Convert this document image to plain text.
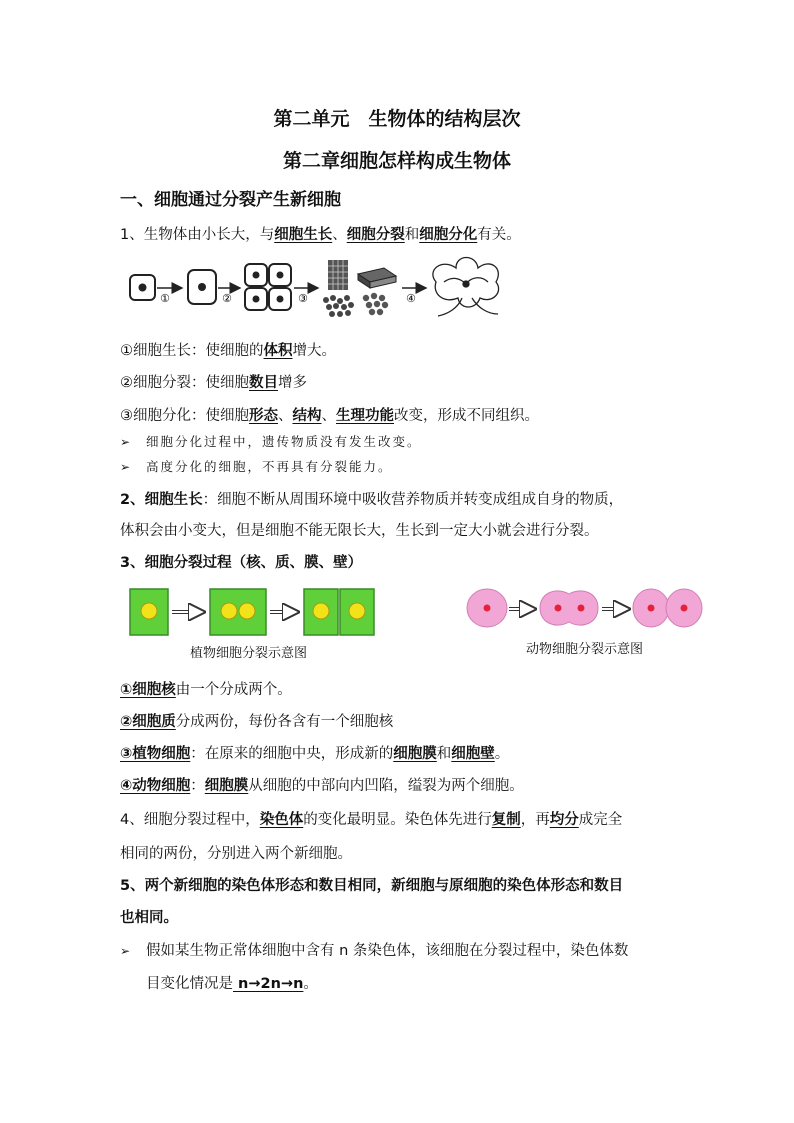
第二单元　生物体的结构层次
第二章细胞怎样构成生物体
一、细胞通过分裂产生新细胞
1、生物体由小长大，与细胞生长、细胞分裂和细胞分化有关。
①	②	③	④
①细胞生长：使细胞的体积增大。
②细胞分裂：使细胞数目增多
③细胞分化：使细胞形态、结构、生理功能改变，形成不同组织。
➢ 细胞分化过程中，遗传物质没有发生改变。
➢ 高度分化的细胞，不再具有分裂能力。
2、细胞生长：细胞不断从周围环境中吸收营养物质并转变成组成自身的物质，
体积会由小变大，但是细胞不能无限长大，生长到一定大小就会进行分裂。
3、细胞分裂过程（核、质、膜、壁）
植物细胞分裂示意图	动物细胞分裂示意图
①细胞核由一个分成两个。
②细胞质分成两份，每份各含有一个细胞核
③植物细胞：在原来的细胞中央，形成新的细胞膜和细胞壁。
④动物细胞：细胞膜从细胞的中部向内凹陷，缢裂为两个细胞。
4、细胞分裂过程中，染色体的变化最明显。染色体先进行复制，再均分成完全
相同的两份，分别进入两个新细胞。
5、两个新细胞的染色体形态和数目相同，新细胞与原细胞的染色体形态和数目
也相同。
➢ 假如某生物正常体细胞中含有 n 条染色体，该细胞在分裂过程中，染色体数
目变化情况是 n→2n→n。
